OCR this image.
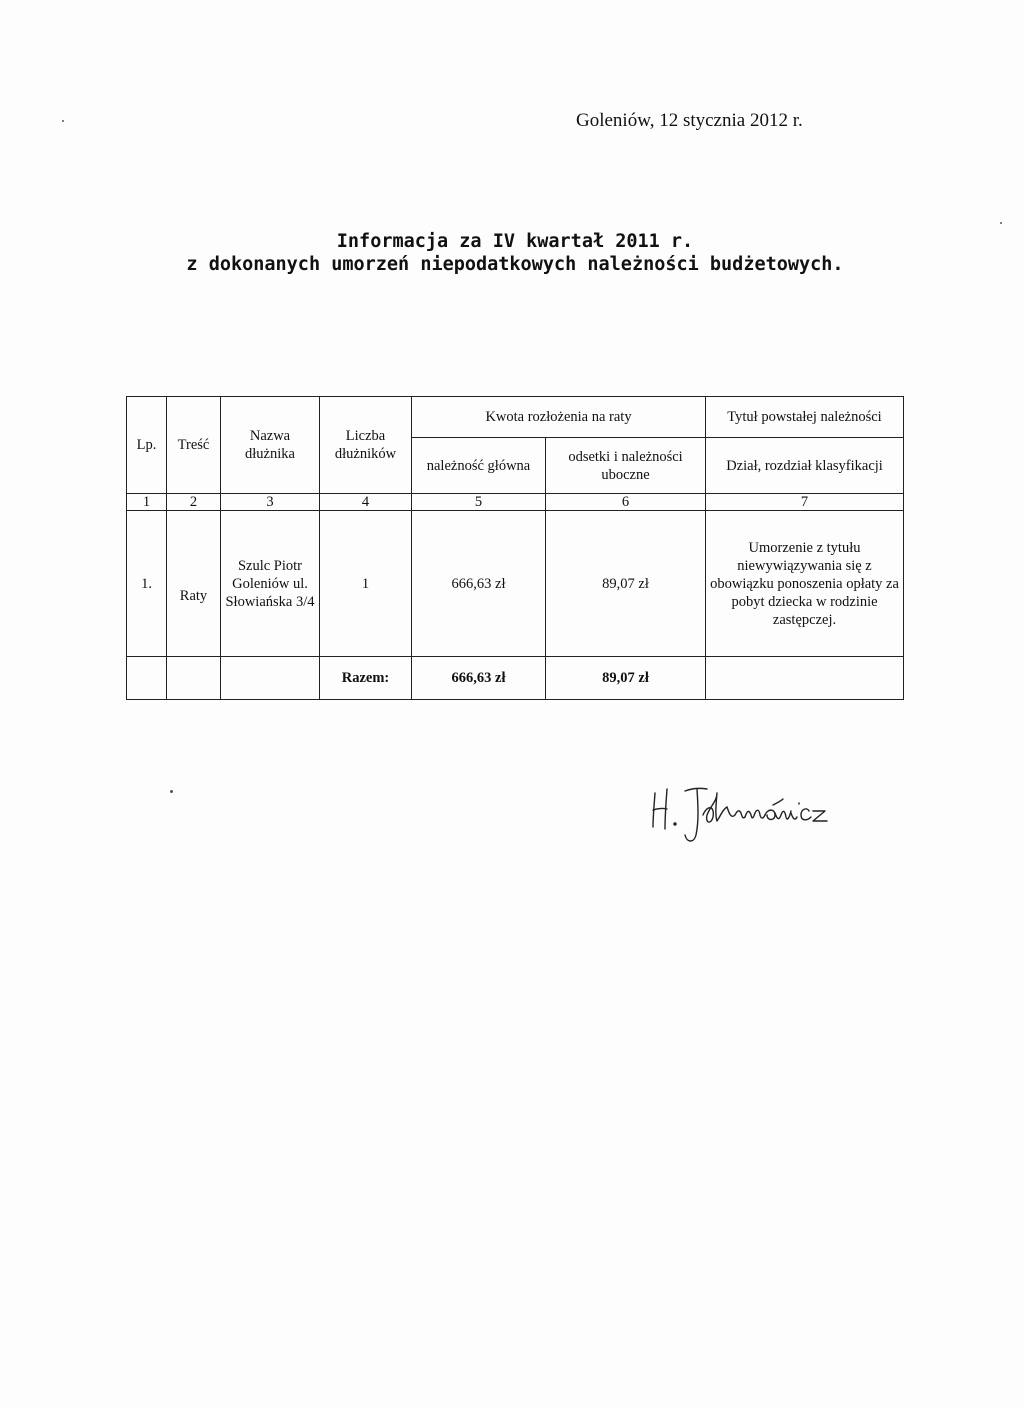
Goleniów, 12 stycznia 2012 r.
Informacja za IV kwartał 2011 r.
z dokonanych umorzeń niepodatkowych należności budżetowych.
Lp.	Treść	Nazwa dłużnika	Liczba dłużników	Kwota rozłożenia na raty		Tytuł powstałej należności
				należność główna	odsetki i należności uboczne	Dział, rozdział klasyfikacji
1	2	3	4	5	6	7
1.	Raty	Szulc Piotr Goleniów ul. Słowiańska 3/4	1	666,63 zł	89,07 zł	Umorzenie z tytułu niewywiązywania się z obowiązku ponoszenia opłaty za pobyt dziecka w rodzinie zastępczej.
			Razem:	666,63 zł	89,07 zł	
